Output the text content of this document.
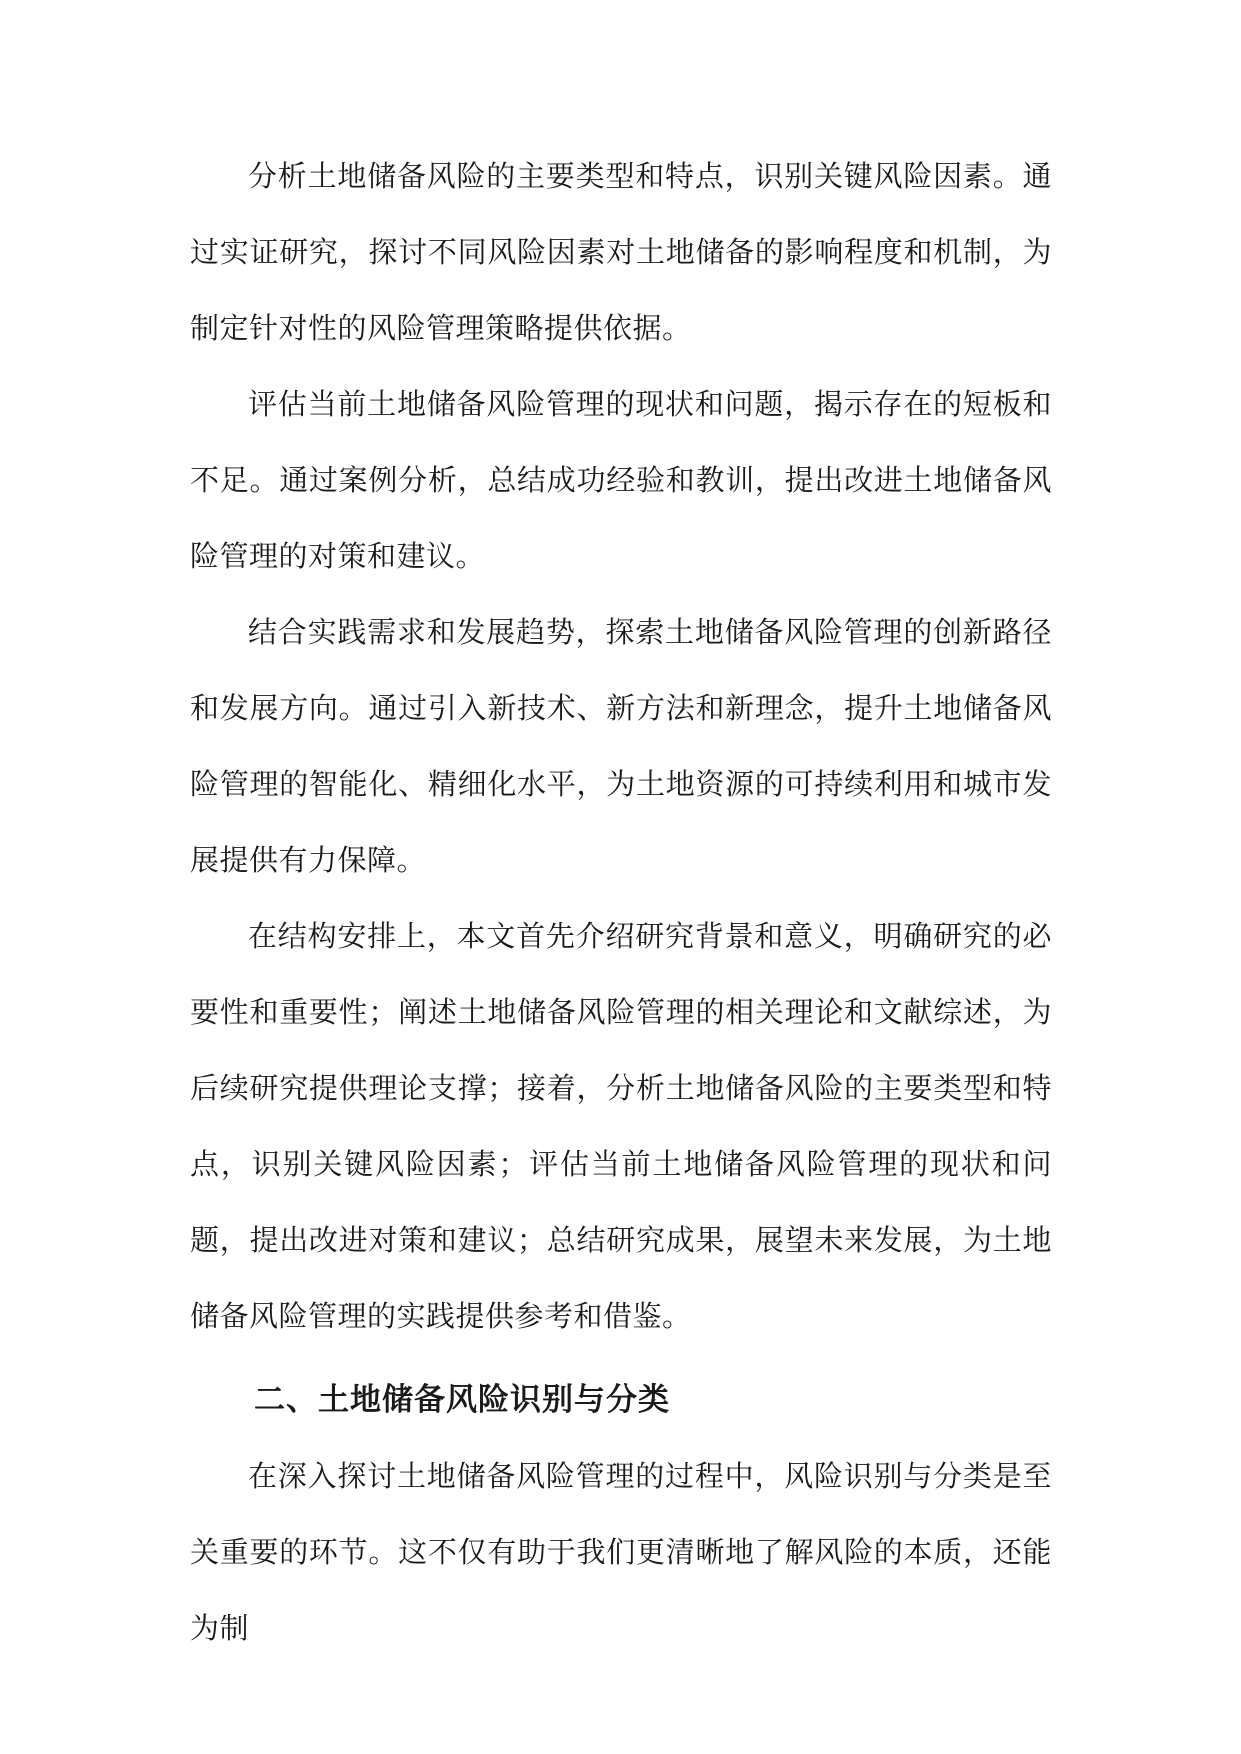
分析土地储备风险的主要类型和特点，识别关键风险因素。通过实证研究，探讨不同风险因素对土地储备的影响程度和机制，为制定针对性的风险管理策略提供依据。

评估当前土地储备风险管理的现状和问题，揭示存在的短板和不足。通过案例分析，总结成功经验和教训，提出改进土地储备风险管理的对策和建议。

结合实践需求和发展趋势，探索土地储备风险管理的创新路径和发展方向。通过引入新技术、新方法和新理念，提升土地储备风险管理的智能化、精细化水平，为土地资源的可持续利用和城市发展提供有力保障。

在结构安排上，本文首先介绍研究背景和意义，明确研究的必要性和重要性；阐述土地储备风险管理的相关理论和文献综述，为后续研究提供理论支撑；接着，分析土地储备风险的主要类型和特点，识别关键风险因素；评估当前土地储备风险管理的现状和问题，提出改进对策和建议；总结研究成果，展望未来发展，为土地储备风险管理的实践提供参考和借鉴。

二、土地储备风险识别与分类

在深入探讨土地储备风险管理的过程中，风险识别与分类是至关重要的环节。这不仅有助于我们更清晰地了解风险的本质，还能为制
